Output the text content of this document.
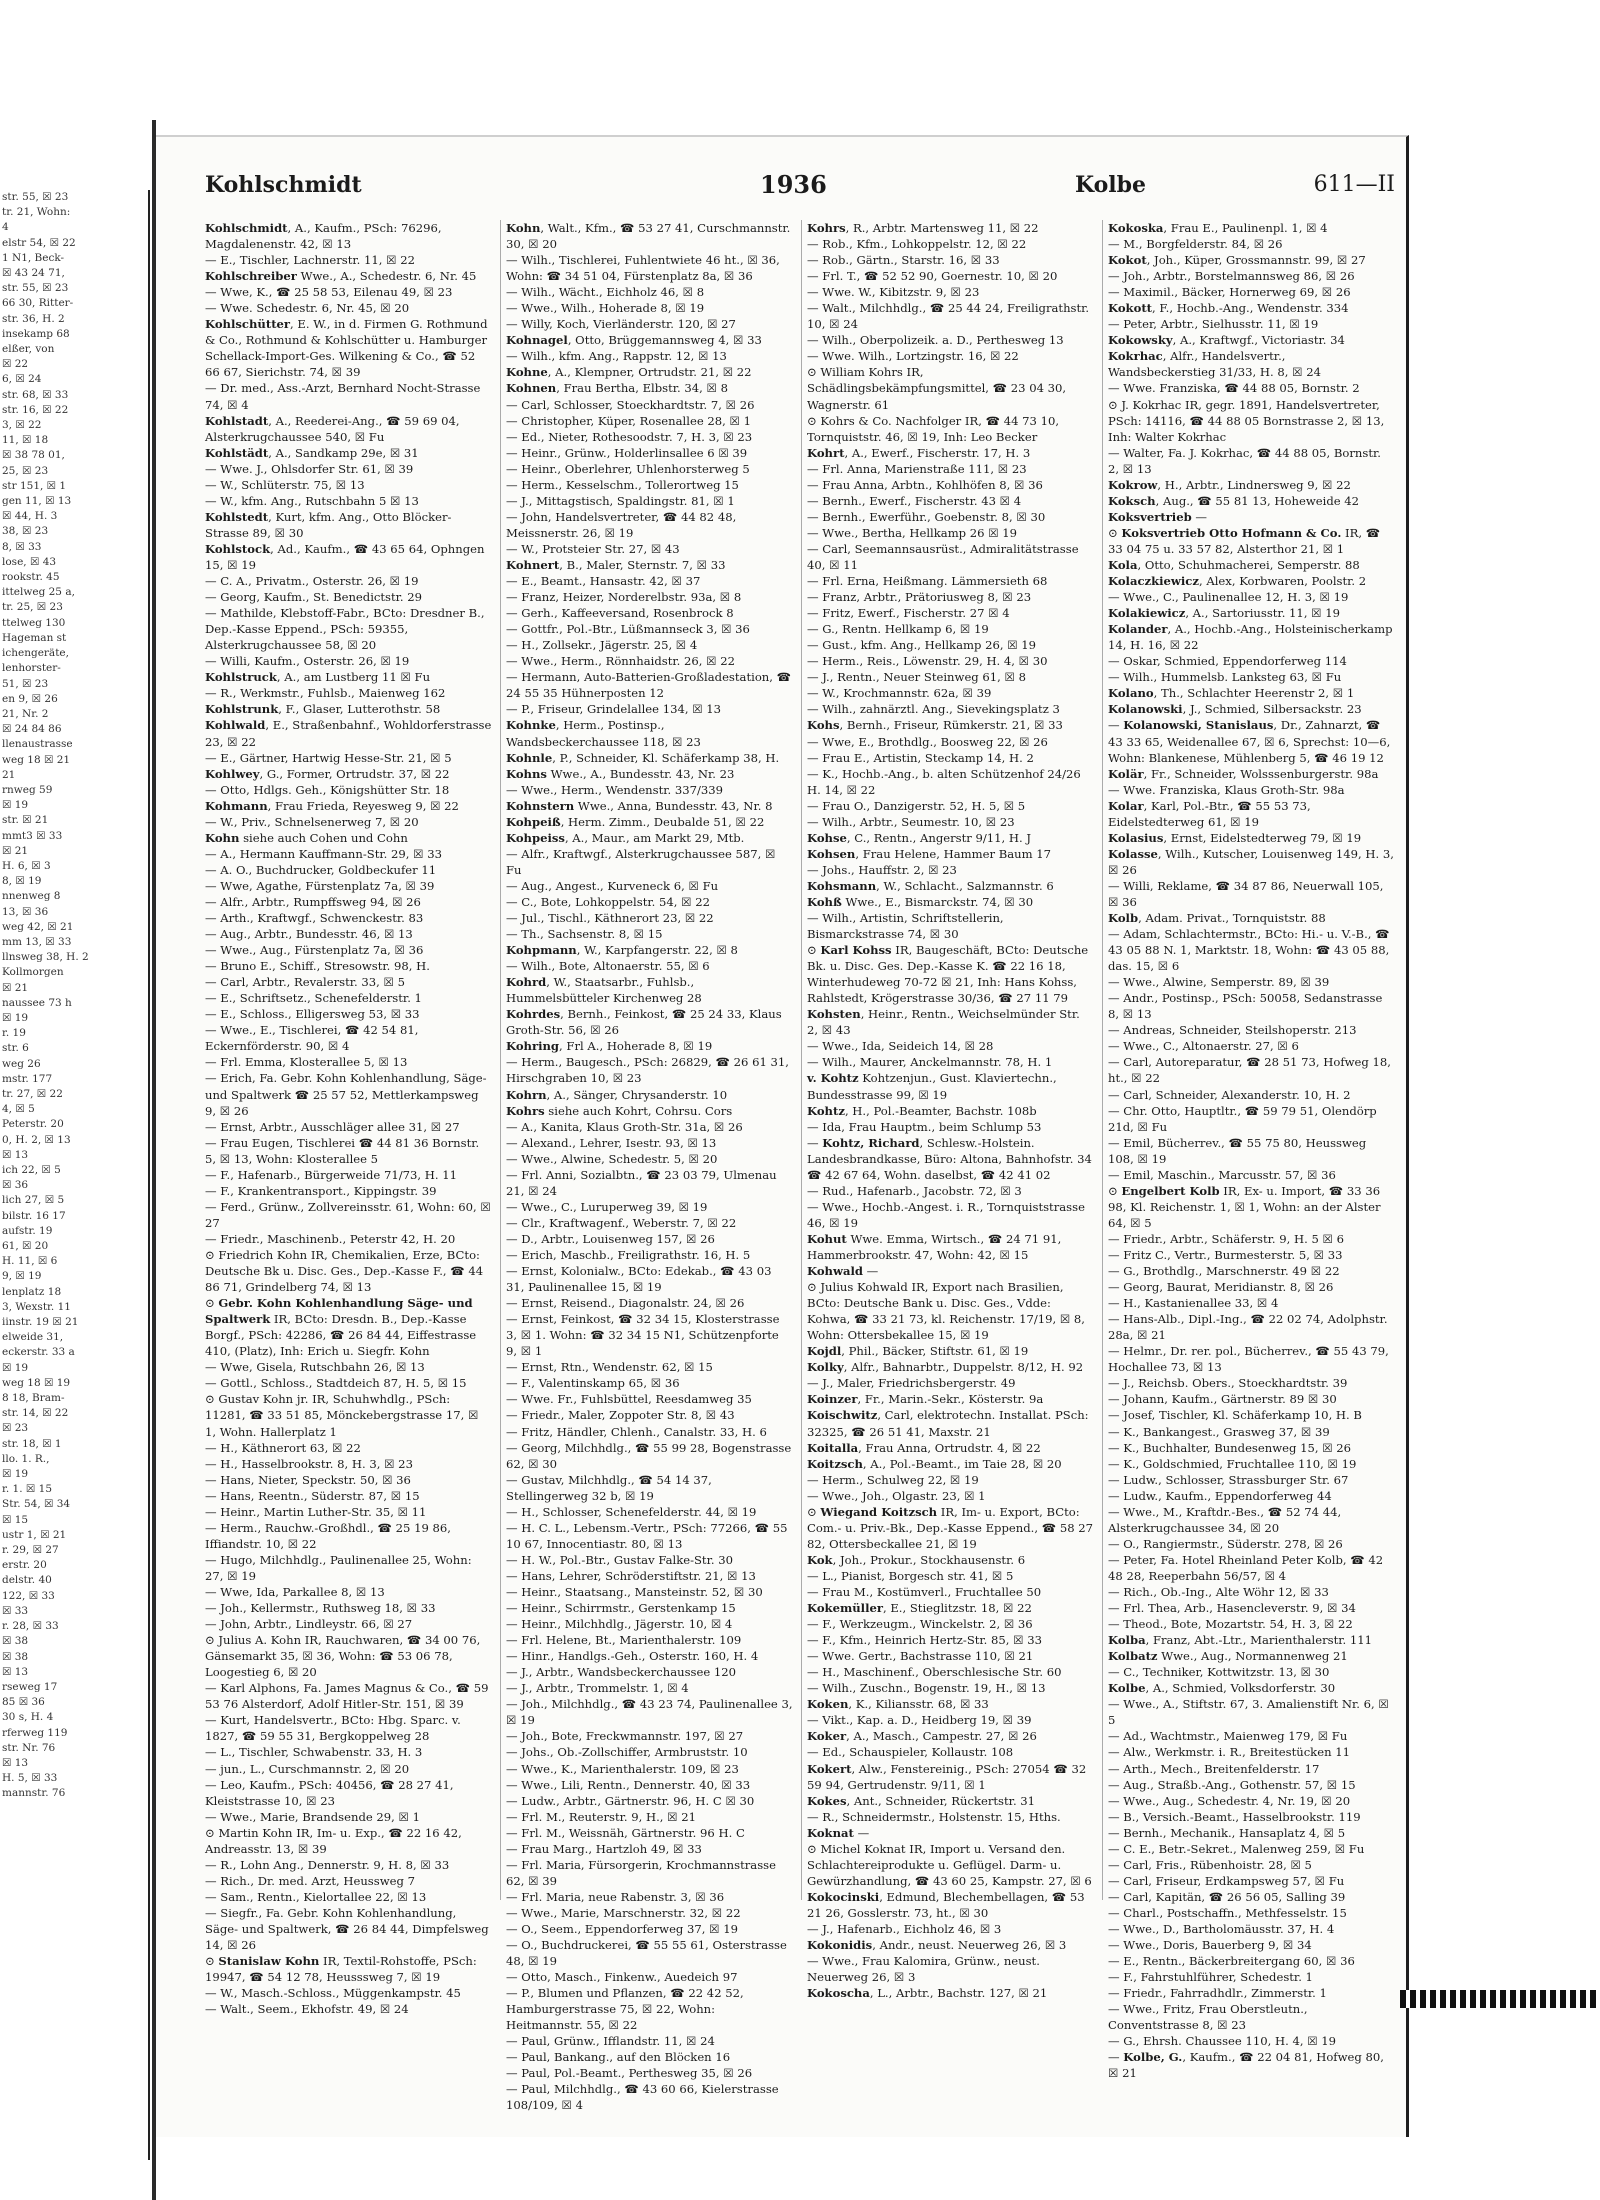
str. 55, ☒ 23
tr. 21, Wohn:
4
elstr 54, ☒ 22
1 N1, Beck-
☒ 43 24 71,
str. 55, ☒ 23
66 30, Ritter-
str. 36, H. 2
insekamp 68
elßer, von
☒ 22
6, ☒ 24
str. 68, ☒ 33
str. 16, ☒ 22
3, ☒ 22
11, ☒ 18
☒ 38 78 01,
25, ☒ 23
str 151, ☒ 1
gen 11, ☒ 13
☒ 44, H. 3
38, ☒ 23
8, ☒ 33
lose, ☒ 43
rookstr. 45
ittelweg 25 a,
tr. 25, ☒ 23
ttelweg 130
Hageman st
ichengeräte,
lenhorster-
51, ☒ 23
en 9, ☒ 26
21, Nr. 2
☒ 24 84 86
llenaustrasse
weg 18 ☒ 21
21
rnweg 59
☒ 19
str. ☒ 21
mmt3 ☒ 33
☒ 21
H. 6, ☒ 3
8, ☒ 19
nnenweg 8
13, ☒ 36
weg 42, ☒ 21
mm 13, ☒ 33
llnsweg 38, H. 2
Kollmorgen
☒ 21
naussee 73 h
☒ 19
r. 19
str. 6
weg 26
mstr. 177
tr. 27, ☒ 22
4, ☒ 5
Peterstr. 20
0, H. 2, ☒ 13
☒ 13
ich 22, ☒ 5
☒ 36
lich 27, ☒ 5
bilstr. 16 17
aufstr. 19
61, ☒ 20
H. 11, ☒ 6
9, ☒ 19
lenplatz 18
3, Wexstr. 11
iinstr. 19 ☒ 21
elweide 31,
eckerstr. 33 a
☒ 19
weg 18 ☒ 19
8 18, Bram-
str. 14, ☒ 22
☒ 23
str. 18, ☒ 1
llo. 1. R.,
☒ 19
r. 1. ☒ 15
Str. 54, ☒ 34
☒ 15
ustr 1, ☒ 21
r. 29, ☒ 27
erstr. 20
delstr. 40
122, ☒ 33
☒ 33
r. 28, ☒ 33
☒ 38
☒ 38
☒ 13
rseweg 17
85 ☒ 36
30 s, H. 4
rferweg 119
str. Nr. 76
☒ 13
H. 5, ☒ 33
mannstr. 76
Kohlschmidt	1936	Kolbe	611—II

Kohlschmidt, A., Kaufm., PSch: 76296, Magdalenenstr. 42, ☒ 13

— E., Tischler, Lachnerstr. 11, ☒ 22

Kohlschreiber Wwe., A., Schedestr. 6, Nr. 45

— Wwe, K., ☎ 25 58 53, Eilenau 49, ☒ 23

— Wwe. Schedestr. 6, Nr. 45, ☒ 20

Kohlschütter, E. W., in d. Firmen G. Rothmund & Co., Rothmund & Kohlschütter u. Hamburger Schellack-Import-Ges. Wilkening & Co., ☎ 52 66 67, Sierichstr. 74, ☒ 39

— Dr. med., Ass.-Arzt, Bernhard Nocht-Strasse 74, ☒ 4

Kohlstadt, A., Reederei-Ang., ☎ 59 69 04, Alsterkrugchaussee 540, ☒ Fu

Kohlstädt, A., Sandkamp 29e, ☒ 31

— Wwe. J., Ohlsdorfer Str. 61, ☒ 39

— W., Schlüterstr. 75, ☒ 13

— W., kfm. Ang., Rutschbahn 5 ☒ 13

Kohlstedt, Kurt, kfm. Ang., Otto Blöcker-Strasse 89, ☒ 30

Kohlstock, Ad., Kaufm., ☎ 43 65 64, Ophngen 15, ☒ 19

— C. A., Privatm., Osterstr. 26, ☒ 19

— Georg, Kaufm., St. Benedictstr. 29

— Mathilde, Klebstoff-Fabr., BCto: Dresdner B., Dep.-Kasse Eppend., PSch: 59355, Alsterkrugchaussee 58, ☒ 20

— Willi, Kaufm., Osterstr. 26, ☒ 19

Kohlstruck, A., am Lustberg 11 ☒ Fu

— R., Werkmstr., Fuhlsb., Maienweg 162

Kohlstrunk, F., Glaser, Lutterothstr. 58

Kohlwald, E., Straßenbahnf., Wohldorferstrasse 23, ☒ 22

— E., Gärtner, Hartwig Hesse-Str. 21, ☒ 5

Kohlwey, G., Former, Ortrudstr. 37, ☒ 22

— Otto, Hdlgs. Geh., Königshütter Str. 18

Kohmann, Frau Frieda, Reyesweg 9, ☒ 22

— W., Priv., Schnelsenerweg 7, ☒ 20

Kohn siehe auch Cohen und Cohn

— A., Hermann Kauffmann-Str. 29, ☒ 33

— A. O., Buchdrucker, Goldbeckufer 11

— Wwe, Agathe, Fürstenplatz 7a, ☒ 39

— Alfr., Arbtr., Rumpffsweg 94, ☒ 26

— Arth., Kraftwgf., Schwenckestr. 83

— Aug., Arbtr., Bundesstr. 46, ☒ 13

— Wwe., Aug., Fürstenplatz 7a, ☒ 36

— Bruno E., Schiff., Stresowstr. 98, H.

— Carl, Arbtr., Revalerstr. 33, ☒ 5

— E., Schriftsetz., Schenefelderstr. 1

— E., Schloss., Elligersweg 53, ☒ 33

— Wwe., E., Tischlerei, ☎ 42 54 81, Eckernförderstr. 90, ☒ 4

— Frl. Emma, Klosterallee 5, ☒ 13

— Erich, Fa. Gebr. Kohn Kohlenhandlung, Säge- und Spaltwerk ☎ 25 57 52, Mettlerkampsweg 9, ☒ 26

— Ernst, Arbtr., Ausschläger allee 31, ☒ 27

— Frau Eugen, Tischlerei ☎ 44 81 36 Bornstr. 5, ☒ 13, Wohn: Klosterallee 5

— F., Hafenarb., Bürgerweide 71/73, H. 11

— F., Krankentransport., Kippingstr. 39

— Ferd., Grünw., Zollvereinsstr. 61, Wohn: 60, ☒ 27

— Friedr., Maschinenb., Peterstr 42, H. 20

⊙ Friedrich Kohn IR, Chemikalien, Erze, BCto: Deutsche Bk u. Disc. Ges., Dep.-Kasse F., ☎ 44 86 71, Grindelberg 74, ☒ 13

⊙ Gebr. Kohn Kohlenhandlung Säge- und Spaltwerk IR, BCto: Dresdn. B., Dep.-Kasse Borgf., PSch: 42286, ☎ 26 84 44, Eiffestrasse 410, (Platz), Inh: Erich u. Siegfr. Kohn

— Wwe, Gisela, Rutschbahn 26, ☒ 13

— Gottl., Schloss., Stadtdeich 87, H. 5, ☒ 15

⊙ Gustav Kohn jr. IR, Schuhwhdlg., PSch: 11281, ☎ 33 51 85, Mönckebergstrasse 17, ☒ 1, Wohn. Hallerplatz 1

— H., Käthnerort 63, ☒ 22

— H., Hasselbrookstr. 8, H. 3, ☒ 23

— Hans, Nieter, Speckstr. 50, ☒ 36

— Hans, Reentn., Süderstr. 87, ☒ 15

— Heinr., Martin Luther-Str. 35, ☒ 11

— Herm., Rauchw.-Großhdl., ☎ 25 19 86, Iffiandstr. 10, ☒ 22

— Hugo, Milchhdlg., Paulinenallee 25, Wohn: 27, ☒ 19

— Wwe, Ida, Parkallee 8, ☒ 13

— Joh., Kellermstr., Ruthsweg 18, ☒ 33

— John, Arbtr., Lindleystr. 66, ☒ 27

⊙ Julius A. Kohn IR, Rauchwaren, ☎ 34 00 76, Gänsemarkt 35, ☒ 36, Wohn: ☎ 53 06 78, Loogestieg 6, ☒ 20

— Karl Alphons, Fa. James Magnus & Co., ☎ 59 53 76 Alsterdorf, Adolf Hitler-Str. 151, ☒ 39

— Kurt, Handelsvertr., BCto: Hbg. Sparc. v. 1827, ☎ 59 55 31, Bergkoppelweg 28

— L., Tischler, Schwabenstr. 33, H. 3

— jun., L., Curschmannstr. 2, ☒ 20

— Leo, Kaufm., PSch: 40456, ☎ 28 27 41, Kleiststrasse 10, ☒ 23

— Wwe., Marie, Brandsende 29, ☒ 1

⊙ Martin Kohn IR, Im- u. Exp., ☎ 22 16 42, Andreasstr. 13, ☒ 39

— R., Lohn Ang., Dennerstr. 9, H. 8, ☒ 33

— Rich., Dr. med. Arzt, Heussweg 7

— Sam., Rentn., Kielortallee 22, ☒ 13

— Siegfr., Fa. Gebr. Kohn Kohlenhandlung, Säge- und Spaltwerk, ☎ 26 84 44, Dimpfelsweg 14, ☒ 26

⊙ Stanislaw Kohn IR, Textil-Rohstoffe, PSch: 19947, ☎ 54 12 78, Heusssweg 7, ☒ 19

— W., Masch.-Schloss., Müggenkampstr. 45

— Walt., Seem., Ekhofstr. 49, ☒ 24

Kohn, Walt., Kfm., ☎ 53 27 41, Curschmannstr. 30, ☒ 20

— Wilh., Tischlerei, Fuhlentwiete 46 ht., ☒ 36, Wohn: ☎ 34 51 04, Fürstenplatz 8a, ☒ 36

— Wilh., Wächt., Eichholz 46, ☒ 8

— Wwe., Wilh., Hoherade 8, ☒ 19

— Willy, Koch, Vierländerstr. 120, ☒ 27

Kohnagel, Otto, Brüggemannsweg 4, ☒ 33

— Wilh., kfm. Ang., Rappstr. 12, ☒ 13

Kohne, A., Klempner, Ortrudstr. 21, ☒ 22

Kohnen, Frau Bertha, Elbstr. 34, ☒ 8

— Carl, Schlosser, Stoeckhardtstr. 7, ☒ 26

— Christopher, Küper, Rosenallee 28, ☒ 1

— Ed., Nieter, Rothesoodstr. 7, H. 3, ☒ 23

— Heinr., Grünw., Holderlinsallee 6 ☒ 39

— Heinr., Oberlehrer, Uhlenhorsterweg 5

— Herm., Kesselschm., Tollerortweg 15

— J., Mittagstisch, Spaldingstr. 81, ☒ 1

— John, Handelsvertreter, ☎ 44 82 48, Meissnerstr. 26, ☒ 19

— W., Protsteier Str. 27, ☒ 43

Kohnert, B., Maler, Sternstr. 7, ☒ 33

— E., Beamt., Hansastr. 42, ☒ 37

— Franz, Heizer, Norderelbstr. 93a, ☒ 8

— Gerh., Kaffeeversand, Rosenbrock 8

— Gottfr., Pol.-Btr., Lüßmannseck 3, ☒ 36

— H., Zollsekr., Jägerstr. 25, ☒ 4

— Wwe., Herm., Rönnhaidstr. 26, ☒ 22

— Hermann, Auto-Batterien-Großladestation, ☎ 24 55 35 Hühnerposten 12

— P., Friseur, Grindelallee 134, ☒ 13

Kohnke, Herm., Postinsp., Wandsbeckerchaussee 118, ☒ 23

Kohnle, P., Schneider, Kl. Schäferkamp 38, H.

Kohns Wwe., A., Bundesstr. 43, Nr. 23

— Wwe., Herm., Wendenstr. 337/339

Kohnstern Wwe., Anna, Bundesstr. 43, Nr. 8

Kohpeiß, Herm. Zimm., Deubalde 51, ☒ 22

Kohpeiss, A., Maur., am Markt 29, Mtb.

— Alfr., Kraftwgf., Alsterkrugchaussee 587, ☒ Fu

— Aug., Angest., Kurveneck 6, ☒ Fu

— C., Bote, Lohkoppelstr. 54, ☒ 22

— Jul., Tischl., Käthnerort 23, ☒ 22

— Th., Sachsenstr. 8, ☒ 15

Kohpmann, W., Karpfangerstr. 22, ☒ 8

— Wilh., Bote, Altonaerstr. 55, ☒ 6

Kohrd, W., Staatsarbr., Fuhlsb., Hummelsbütteler Kirchenweg 28

Kohrdes, Bernh., Feinkost, ☎ 25 24 33, Klaus Groth-Str. 56, ☒ 26

Kohring, Frl A., Hoherade 8, ☒ 19

— Herm., Baugesch., PSch: 26829, ☎ 26 61 31, Hirschgraben 10, ☒ 23

Kohrn, A., Sänger, Chrysanderstr. 10

Kohrs siehe auch Kohrt, Cohrsu. Cors

— A., Kanita, Klaus Groth-Str. 31a, ☒ 26

— Alexand., Lehrer, Isestr. 93, ☒ 13

— Wwe., Alwine, Schedestr. 5, ☒ 20

— Frl. Anni, Sozialbtn., ☎ 23 03 79, Ulmenau 21, ☒ 24

— Wwe., C., Luruperweg 39, ☒ 19

— Clr., Kraftwagenf., Weberstr. 7, ☒ 22

— D., Arbtr., Louisenweg 157, ☒ 26

— Erich, Maschb., Freiligrathstr. 16, H. 5

— Ernst, Kolonialw., BCto: Edekab., ☎ 43 03 31, Paulinenallee 15, ☒ 19

— Ernst, Reisend., Diagonalstr. 24, ☒ 26

— Ernst, Feinkost, ☎ 32 34 15, Klosterstrasse 3, ☒ 1. Wohn: ☎ 32 34 15 N1, Schützenpforte 9, ☒ 1

— Ernst, Rtn., Wendenstr. 62, ☒ 15

— F., Valentinskamp 65, ☒ 36

— Wwe. Fr., Fuhlsbüttel, Reesdamweg 35

— Friedr., Maler, Zoppoter Str. 8, ☒ 43

— Fritz, Händler, Chlenh., Canalstr. 33, H. 6

— Georg, Milchhdlg., ☎ 55 99 28, Bogenstrasse 62, ☒ 30

— Gustav, Milchhdlg., ☎ 54 14 37, Stellingerweg 32 b, ☒ 19

— H., Schlosser, Schenefelderstr. 44, ☒ 19

— H. C. L., Lebensm.-Vertr., PSch: 77266, ☎ 55 10 67, Innocentiastr. 80, ☒ 13

— H. W., Pol.-Btr., Gustav Falke-Str. 30

— Hans, Lehrer, Schröderstiftstr. 21, ☒ 13

— Heinr., Staatsang., Mansteinstr. 52, ☒ 30

— Heinr., Schirrmstr., Gerstenkamp 15

— Heinr., Milchhdlg., Jägerstr. 10, ☒ 4

— Frl. Helene, Bt., Marienthalerstr. 109

— Hinr., Handlgs.-Geh., Osterstr. 160, H. 4

— J., Arbtr., Wandsbeckerchaussee 120

— J., Arbtr., Trommelstr. 1, ☒ 4

— Joh., Milchhdlg., ☎ 43 23 74, Paulinenallee 3, ☒ 19

— Joh., Bote, Freckwmannstr. 197, ☒ 27

— Johs., Ob.-Zollschiffer, Armbruststr. 10

— Wwe., K., Marienthalerstr. 109, ☒ 23

— Wwe., Lili, Rentn., Dennerstr. 40, ☒ 33

— Ludw., Arbtr., Gärtnerstr. 96, H. C ☒ 30

— Frl. M., Reuterstr. 9, H., ☒ 21

— Frl. M., Weissnäh, Gärtnerstr. 96 H. C

— Frau Marg., Hartzloh 49, ☒ 33

— Frl. Maria, Fürsorgerin, Krochmannstrasse 62, ☒ 39

— Frl. Maria, neue Rabenstr. 3, ☒ 36

— Wwe., Marie, Marschnerstr. 32, ☒ 22

— O., Seem., Eppendorferweg 37, ☒ 19

— O., Buchdruckerei, ☎ 55 55 61, Osterstrasse 48, ☒ 19

— Otto, Masch., Finkenw., Auedeich 97

— P., Blumen und Pflanzen, ☎ 22 42 52, Hamburgerstrasse 75, ☒ 22, Wohn: Heitmannstr. 55, ☒ 22

— Paul, Grünw., Ifflandstr. 11, ☒ 24

— Paul, Bankang., auf den Blöcken 16

— Paul, Pol.-Beamt., Perthesweg 35, ☒ 26

— Paul, Milchhdlg., ☎ 43 60 66, Kielerstrasse 108/109, ☒ 4

Kohrs, R., Arbtr. Martensweg 11, ☒ 22

— Rob., Kfm., Lohkoppelstr. 12, ☒ 22

— Rob., Gärtn., Starstr. 16, ☒ 33

— Frl. T., ☎ 52 52 90, Goernestr. 10, ☒ 20

— Wwe. W., Kibitzstr. 9, ☒ 23

— Walt., Milchhdlg., ☎ 25 44 24, Freiligrathstr. 10, ☒ 24

— Wilh., Oberpolizeik. a. D., Perthesweg 13

— Wwe. Wilh., Lortzingstr. 16, ☒ 22

⊙ William Kohrs IR, Schädlingsbekämpfungsmittel, ☎ 23 04 30, Wagnerstr. 61

⊙ Kohrs & Co. Nachfolger IR, ☎ 44 73 10, Tornquiststr. 46, ☒ 19, Inh: Leo Becker

Kohrt, A., Ewerf., Fischerstr. 17, H. 3

— Frl. Anna, Marienstraße 111, ☒ 23

— Frau Anna, Arbtn., Kohlhöfen 8, ☒ 36

— Bernh., Ewerf., Fischerstr. 43 ☒ 4

— Bernh., Ewerführ., Goebenstr. 8, ☒ 30

— Wwe., Bertha, Hellkamp 26 ☒ 19

— Carl, Seemannsausrüst., Admiralitätstrasse 40, ☒ 11

— Frl. Erna, Heißmang. Lämmersieth 68

— Franz, Arbtr., Prätoriusweg 8, ☒ 23

— Fritz, Ewerf., Fischerstr. 27 ☒ 4

— G., Rentn. Hellkamp 6, ☒ 19

— Gust., kfm. Ang., Hellkamp 26, ☒ 19

— Herm., Reis., Löwenstr. 29, H. 4, ☒ 30

— J., Rentn., Neuer Steinweg 61, ☒ 8

— W., Krochmannstr. 62a, ☒ 39

— Wilh., zahnärztl. Ang., Sievekingsplatz 3

Kohs, Bernh., Friseur, Rümkerstr. 21, ☒ 33

— Wwe, E., Brothdlg., Boosweg 22, ☒ 26

— Frau E., Artistin, Steckamp 14, H. 2

— K., Hochb.-Ang., b. alten Schützenhof 24/26 H. 14, ☒ 22

— Frau O., Danzigerstr. 52, H. 5, ☒ 5

— Wilh., Arbtr., Seumestr. 10, ☒ 23

Kohse, C., Rentn., Angerstr 9/11, H. J

Kohsen, Frau Helene, Hammer Baum 17

— Johs., Hauffstr. 2, ☒ 23

Kohsmann, W., Schlacht., Salzmannstr. 6

Kohß Wwe., E., Bismarckstr. 74, ☒ 30

— Wilh., Artistin, Schriftstellerin, Bismarckstrasse 74, ☒ 30

⊙ Karl Kohss IR, Baugeschäft, BCto: Deutsche Bk. u. Disc. Ges. Dep.-Kasse K. ☎ 22 16 18, Winterhudeweg 70-72 ☒ 21, Inh: Hans Kohss, Rahlstedt, Krögerstrasse 30/36, ☎ 27 11 79

Kohsten, Heinr., Rentn., Weichselmünder Str. 2, ☒ 43

— Wwe., Ida, Seideich 14, ☒ 28

— Wilh., Maurer, Anckelmannstr. 78, H. 1

v. Kohtz Kohtzenjun., Gust. Klaviertechn., Bundesstrasse 99, ☒ 19

Kohtz, H., Pol.-Beamter, Bachstr. 108b

— Ida, Frau Hauptm., beim Schlump 53

— Kohtz, Richard, Schlesw.-Holstein. Landesbrandkasse, Büro: Altona, Bahnhofstr. 34 ☎ 42 67 64, Wohn. daselbst, ☎ 42 41 02

— Rud., Hafenarb., Jacobstr. 72, ☒ 3

— Wwe., Hochb.-Angest. i. R., Tornquiststrasse 46, ☒ 19

Kohut Wwe. Emma, Wirtsch., ☎ 24 71 91, Hammerbrookstr. 47, Wohn: 42, ☒ 15

Kohwald —

⊙ Julius Kohwald IR, Export nach Brasilien, BCto: Deutsche Bank u. Disc. Ges., Vdde: Kohwa, ☎ 33 21 73, kl. Reichenstr. 17/19, ☒ 8, Wohn: Ottersbekallee 15, ☒ 19

Kojdl, Phil., Bäcker, Stiftstr. 61, ☒ 19

Kolky, Alfr., Bahnarbtr., Duppelstr. 8/12, H. 92

— J., Maler, Friedrichsbergerstr. 49

Koinzer, Fr., Marin.-Sekr., Kösterstr. 9a

Koischwitz, Carl, elektrotechn. Installat. PSch: 32325, ☎ 26 51 41, Maxstr. 21

Koitalla, Frau Anna, Ortrudstr. 4, ☒ 22

Koitzsch, A., Pol.-Beamt., im Taie 28, ☒ 20

— Herm., Schulweg 22, ☒ 19

— Wwe., Joh., Olgastr. 23, ☒ 1

⊙ Wiegand Koitzsch IR, Im- u. Export, BCto: Com.- u. Priv.-Bk., Dep.-Kasse Eppend., ☎ 58 27 82, Ottersbeckallee 21, ☒ 19

Kok, Joh., Prokur., Stockhausenstr. 6

— L., Pianist, Borgesch str. 41, ☒ 5

— Frau M., Kostümverl., Fruchtallee 50

Kokemüller, E., Stieglitzstr. 18, ☒ 22

— F., Werkzeugm., Winckelstr. 2, ☒ 36

— F., Kfm., Heinrich Hertz-Str. 85, ☒ 33

— Wwe. Gertr., Bachstrasse 110, ☒ 21

— H., Maschinenf., Oberschlesische Str. 60

— Wilh., Zuschn., Bogenstr. 19, H., ☒ 13

Koken, K., Kiliansstr. 68, ☒ 33

— Vikt., Kap. a. D., Heidberg 19, ☒ 39

Koker, A., Masch., Campestr. 27, ☒ 26

— Ed., Schauspieler, Kollaustr. 108

Kokert, Alw., Fenstereinig., PSch: 27054 ☎ 32 59 94, Gertrudenstr. 9/11, ☒ 1

Kokes, Ant., Schneider, Rückertstr. 31

— R., Schneidermstr., Holstenstr. 15, Hths.

Koknat —

⊙ Michel Koknat IR, Import u. Versand den. Schlachtereiprodukte u. Geflügel. Darm- u. Gewürzhandlung, ☎ 43 60 25, Kampstr. 27, ☒ 6

Kokocinski, Edmund, Blechembellagen, ☎ 53 21 26, Gosslerstr. 73, ht., ☒ 30

— J., Hafenarb., Eichholz 46, ☒ 3

Kokonidis, Andr., neust. Neuerweg 26, ☒ 3

— Wwe., Frau Kalomira, Grünw., neust. Neuerweg 26, ☒ 3

Kokoscha, L., Arbtr., Bachstr. 127, ☒ 21

Kokoska, Frau E., Paulinenpl. 1, ☒ 4

— M., Borgfelderstr. 84, ☒ 26

Kokot, Joh., Küper, Grossmannstr. 99, ☒ 27

— Joh., Arbtr., Borstelmannsweg 86, ☒ 26

— Maximil., Bäcker, Hornerweg 69, ☒ 26

Kokott, F., Hochb.-Ang., Wendenstr. 334

— Peter, Arbtr., Sielhusstr. 11, ☒ 19

Kokowsky, A., Kraftwgf., Victoriastr. 34

Kokrhac, Alfr., Handelsvertr., Wandsbeckerstieg 31/33, H. 8, ☒ 24

— Wwe. Franziska, ☎ 44 88 05, Bornstr. 2

⊙ J. Kokrhac IR, gegr. 1891, Handelsvertreter, PSch: 14116, ☎ 44 88 05 Bornstrasse 2, ☒ 13, Inh: Walter Kokrhac

— Walter, Fa. J. Kokrhac, ☎ 44 88 05, Bornstr. 2, ☒ 13

Kokrow, H., Arbtr., Lindnersweg 9, ☒ 22

Koksch, Aug., ☎ 55 81 13, Hoheweide 42

Koksvertrieb —

⊙ Koksvertrieb Otto Hofmann & Co. IR, ☎ 33 04 75 u. 33 57 82, Alsterthor 21, ☒ 1

Kola, Otto, Schuhmacherei, Semperstr. 88

Kolaczkiewicz, Alex, Korbwaren, Poolstr. 2

— Wwe., C., Paulinenallee 12, H. 3, ☒ 19

Kolakiewicz, A., Sartoriusstr. 11, ☒ 19

Kolander, A., Hochb.-Ang., Holsteinischerkamp 14, H. 16, ☒ 22

— Oskar, Schmied, Eppendorferweg 114

— Wilh., Hummelsb. Lanksteg 63, ☒ Fu

Kolano, Th., Schlachter Heerenstr 2, ☒ 1

Kolanowski, J., Schmied, Silbersackstr. 23

— Kolanowski, Stanislaus, Dr., Zahnarzt, ☎ 43 33 65, Weidenallee 67, ☒ 6, Sprechst: 10—6, Wohn: Blankenese, Mühlenberg 5, ☎ 46 19 12

Kolär, Fr., Schneider, Wolsssenburgerstr. 98a

— Wwe. Franziska, Klaus Groth-Str. 98a

Kolar, Karl, Pol.-Btr., ☎ 55 53 73, Eidelstedterweg 61, ☒ 19

Kolasius, Ernst, Eidelstedterweg 79, ☒ 19

Kolasse, Wilh., Kutscher, Louisenweg 149, H. 3, ☒ 26

— Willi, Reklame, ☎ 34 87 86, Neuerwall 105, ☒ 36

Kolb, Adam. Privat., Tornquiststr. 88

— Adam, Schlachtermstr., BCto: Hi.- u. V.-B., ☎ 43 05 88 N. 1, Marktstr. 18, Wohn: ☎ 43 05 88, das. 15, ☒ 6

— Wwe., Alwine, Semperstr. 89, ☒ 39

— Andr., Postinsp., PSch: 50058, Sedanstrasse 8, ☒ 13

— Andreas, Schneider, Steilshoperstr. 213

— Wwe., C., Altonaerstr. 27, ☒ 6

— Carl, Autoreparatur, ☎ 28 51 73, Hofweg 18, ht., ☒ 22

— Carl, Schneider, Alexanderstr. 10, H. 2

— Chr. Otto, Hauptltr., ☎ 59 79 51, Olendörp 21d, ☒ Fu

— Emil, Bücherrev., ☎ 55 75 80, Heussweg 108, ☒ 19

— Emil, Maschin., Marcusstr. 57, ☒ 36

⊙ Engelbert Kolb IR, Ex- u. Import, ☎ 33 36 98, Kl. Reichenstr. 1, ☒ 1, Wohn: an der Alster 64, ☒ 5

— Friedr., Arbtr., Schäferstr. 9, H. 5 ☒ 6

— Fritz C., Vertr., Burmesterstr. 5, ☒ 33

— G., Brothdlg., Marschnerstr. 49 ☒ 22

— Georg, Baurat, Meridianstr. 8, ☒ 26

— H., Kastanienallee 33, ☒ 4

— Hans-Alb., Dipl.-Ing., ☎ 22 02 74, Adolphstr. 28a, ☒ 21

— Helmr., Dr. rer. pol., Bücherrev., ☎ 55 43 79, Hochallee 73, ☒ 13

— J., Reichsb. Obers., Stoeckhardtstr. 39

— Johann, Kaufm., Gärtnerstr. 89 ☒ 30

— Josef, Tischler, Kl. Schäferkamp 10, H. B

— K., Bankangest., Grasweg 37, ☒ 39

— K., Buchhalter, Bundesenweg 15, ☒ 26

— K., Goldschmied, Fruchtallee 110, ☒ 19

— Ludw., Schlosser, Strassburger Str. 67

— Ludw., Kaufm., Eppendorferweg 44

— Wwe., M., Kraftdr.-Bes., ☎ 52 74 44, Alsterkrugchaussee 34, ☒ 20

— O., Rangiermstr., Süderstr. 278, ☒ 26

— Peter, Fa. Hotel Rheinland Peter Kolb, ☎ 42 48 28, Reeperbahn 56/57, ☒ 4

— Rich., Ob.-Ing., Alte Wöhr 12, ☒ 33

— Frl. Thea, Arb., Hasencleverstr. 9, ☒ 34

— Theod., Bote, Mozartstr. 54, H. 3, ☒ 22

Kolba, Franz, Abt.-Ltr., Marienthalerstr. 111

Kolbatz Wwe., Aug., Normannenweg 21

— C., Techniker, Kottwitzstr. 13, ☒ 30

Kolbe, A., Schmied, Volksdorferstr. 30

— Wwe., A., Stiftstr. 67, 3. Amalienstift Nr. 6, ☒ 5

— Ad., Wachtmstr., Maienweg 179, ☒ Fu

— Alw., Werkmstr. i. R., Breitestücken 11

— Arth., Mech., Breitenfelderstr. 17

— Aug., Straßb.-Ang., Gothenstr. 57, ☒ 15

— Wwe., Aug., Schedestr. 4, Nr. 19, ☒ 20

— B., Versich.-Beamt., Hasselbrookstr. 119

— Bernh., Mechanik., Hansaplatz 4, ☒ 5

— C. E., Betr.-Sekret., Malenweg 259, ☒ Fu

— Carl, Fris., Rübenhoistr. 28, ☒ 5

— Carl, Friseur, Erdkampsweg 57, ☒ Fu

— Carl, Kapitän, ☎ 26 56 05, Salling 39

— Charl., Postschaffn., Methfesselstr. 15

— Wwe., D., Bartholomäusstr. 37, H. 4

— Wwe., Doris, Bauerberg 9, ☒ 34

— E., Rentn., Bäckerbreitergang 60, ☒ 36

— F., Fahrstuhlführer, Schedestr. 1

— Friedr., Fahrradhdlr., Zimmerstr. 1

— Wwe., Fritz, Frau Oberstleutn., Conventstrasse 8, ☒ 23

— G., Ehrsh. Chaussee 110, H. 4, ☒ 19

— Kolbe, G., Kaufm., ☎ 22 04 81, Hofweg 80, ☒ 21
